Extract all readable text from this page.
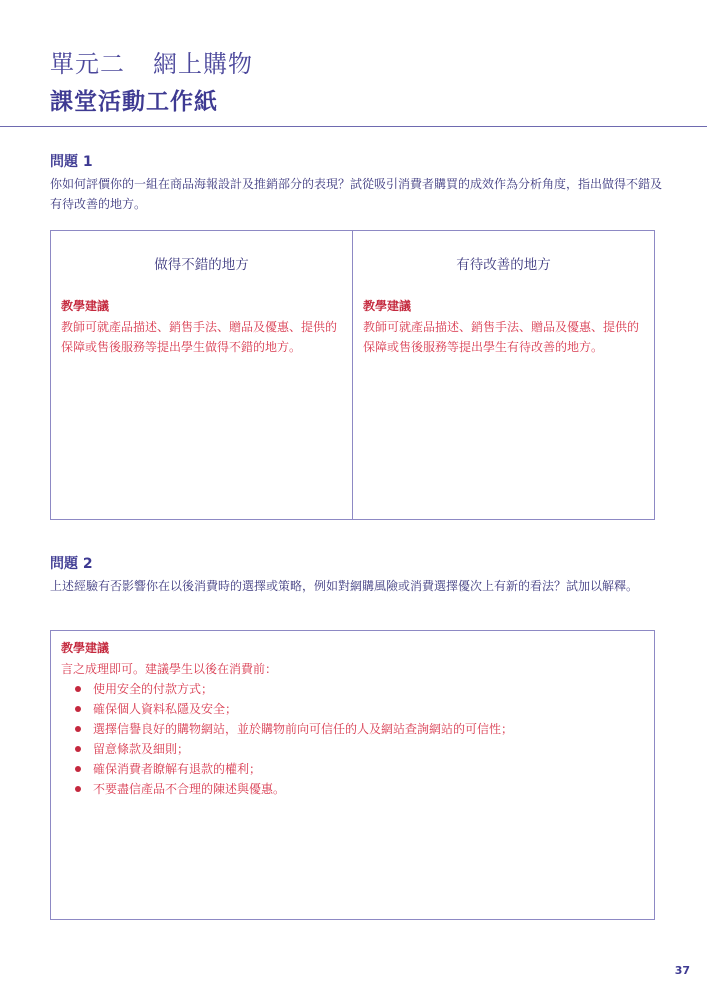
單元二 網上購物
課堂活動工作紙
問題 1

你如何評價你的一組在商品海報設計及推銷部分的表現？試從吸引消費者購買的成效作為分析角度，指出做得不錯及有待改善的地方。

做得不錯的地方

教學建議

教師可就產品描述、銷售手法、贈品及優惠、提供的保障或售後服務等提出學生做得不錯的地方。

有待改善的地方

教學建議

教師可就產品描述、銷售手法、贈品及優惠、提供的保障或售後服務等提出學生有待改善的地方。

問題 2

上述經驗有否影響你在以後消費時的選擇或策略，例如對網購風險或消費選擇優次上有新的看法？試加以解釋。

教學建議

言之成理即可。建議學生以後在消費前：

使用安全的付款方式；
確保個人資料私隱及安全；
選擇信譽良好的購物網站，並於購物前向可信任的人及網站查詢網站的可信性；
留意條款及細則；
確保消費者瞭解有退款的權利；
不要盡信產品不合理的陳述與優惠。

37
